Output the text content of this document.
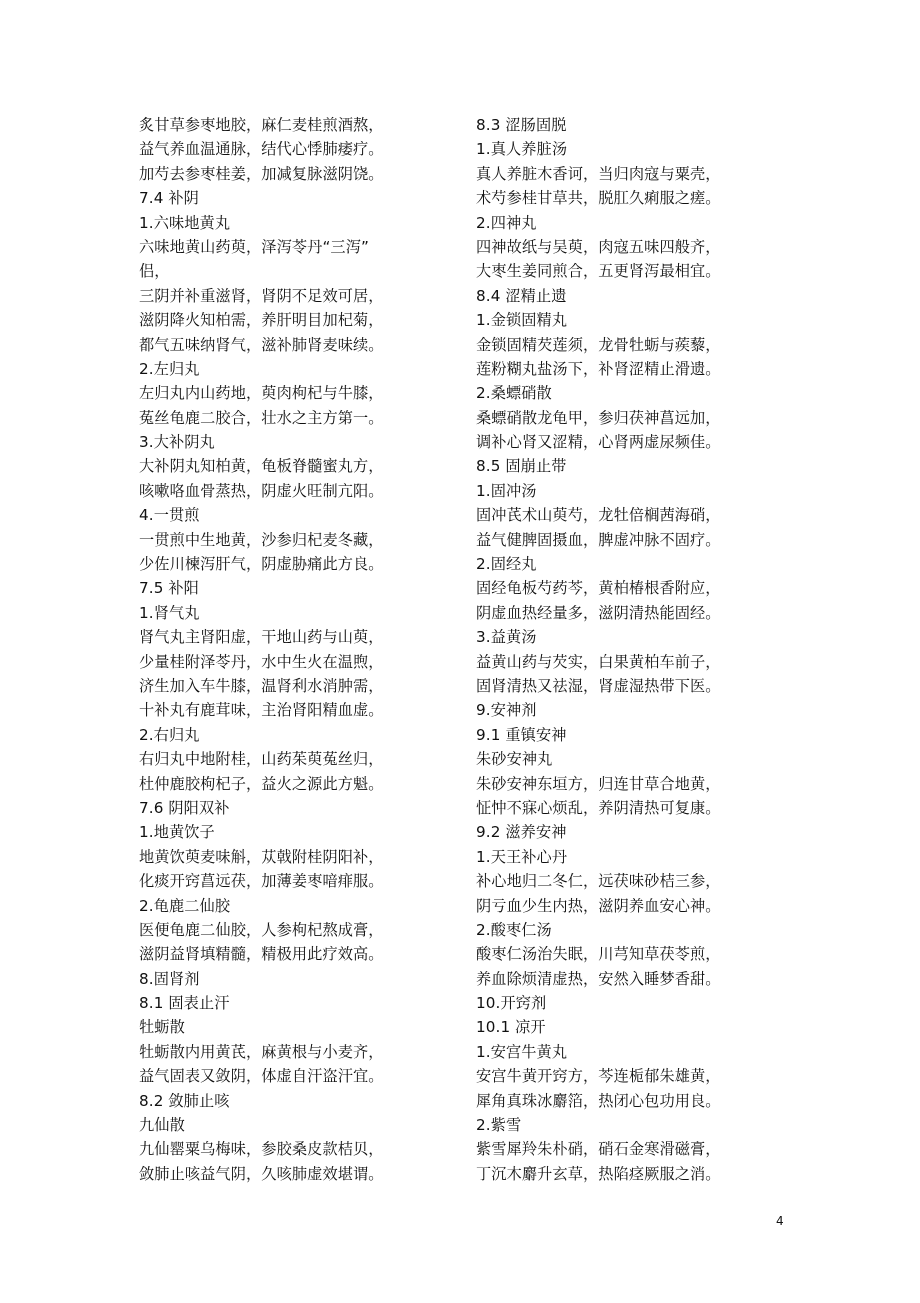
炙甘草参枣地胶，麻仁麦桂煎酒熬，
益气养血温通脉，结代心悸肺痿疗。
加芍去参枣桂姜，加减复脉滋阴饶。
7.4 补阴
1.六味地黄丸
六味地黄山药萸，泽泻苓丹“三泻”
侣，
三阴并补重滋肾，肾阴不足效可居，
滋阴降火知柏需，养肝明目加杞菊，
都气五味纳肾气，滋补肺肾麦味续。
2.左归丸
左归丸内山药地，萸肉枸杞与牛膝，
菟丝龟鹿二胶合，壮水之主方第一。
3.大补阴丸
大补阴丸知柏黄，龟板脊髓蜜丸方，
咳嗽咯血骨蒸热，阴虚火旺制亢阳。
4.一贯煎
一贯煎中生地黄，沙参归杞麦冬藏，
少佐川楝泻肝气，阴虚胁痛此方良。
7.5 补阳
1.肾气丸
肾气丸主肾阳虚，干地山药与山萸，
少量桂附泽苓丹，水中生火在温煦，
济生加入车牛膝，温肾利水消肿需，
十补丸有鹿茸味，主治肾阳精血虚。
2.右归丸
右归丸中地附桂，山药茱萸菟丝归，
杜仲鹿胶枸杞子，益火之源此方魁。
7.6 阴阳双补
1.地黄饮子
地黄饮萸麦味斛，苁戟附桂阴阳补，
化痰开窍菖远茯，加薄姜枣喑痱服。
2.龟鹿二仙胶
医便龟鹿二仙胶，人参枸杞熬成膏，
滋阴益肾填精髓，精极用此疗效高。
8.固肾剂
8.1 固表止汗
牡蛎散
牡蛎散内用黄芪，麻黄根与小麦齐，
益气固表又敛阴，体虚自汗盗汗宜。
8.2 敛肺止咳
九仙散
九仙罂粟乌梅味，参胶桑皮款桔贝，
敛肺止咳益气阴，久咳肺虚效堪谓。
8.3 涩肠固脱
1.真人养脏汤
真人养脏木香诃，当归肉寇与粟壳，
术芍参桂甘草共，脱肛久痢服之瘥。
2.四神丸
四神故纸与吴萸，肉寇五味四般齐，
大枣生姜同煎合，五更肾泻最相宜。
8.4 涩精止遗
1.金锁固精丸
金锁固精芡莲须，龙骨牡蛎与蒺藜，
莲粉糊丸盐汤下，补肾涩精止滑遗。
2.桑螵硝散
桑螵硝散龙龟甲，参归茯神菖远加，
调补心肾又涩精，心肾两虚尿频佳。
8.5 固崩止带
1.固冲汤
固冲芪术山萸芍，龙牡倍榈茜海硝，
益气健脾固摄血，脾虚冲脉不固疗。
2.固经丸
固经龟板芍药芩，黄柏椿根香附应，
阴虚血热经量多，滋阴清热能固经。
3.益黄汤
益黄山药与芡实，白果黄柏车前子，
固肾清热又祛湿，肾虚湿热带下医。
9.安神剂
9.1 重镇安神
朱砂安神丸
朱砂安神东垣方，归连甘草合地黄，
怔忡不寐心烦乱，养阴清热可复康。
9.2 滋养安神
1.天王补心丹
补心地归二冬仁，远茯味砂桔三参，
阴亏血少生内热，滋阴养血安心神。
2.酸枣仁汤
酸枣仁汤治失眠，川芎知草茯苓煎，
养血除烦清虚热，安然入睡梦香甜。
10.开窍剂
10.1 凉开
1.安宫牛黄丸
安宫牛黄开窍方，芩连栀郁朱雄黄，
犀角真珠冰麝箔，热闭心包功用良。
2.紫雪
紫雪犀羚朱朴硝，硝石金寒滑磁膏，
丁沉木麝升玄草，热陷痉厥服之消。
4
